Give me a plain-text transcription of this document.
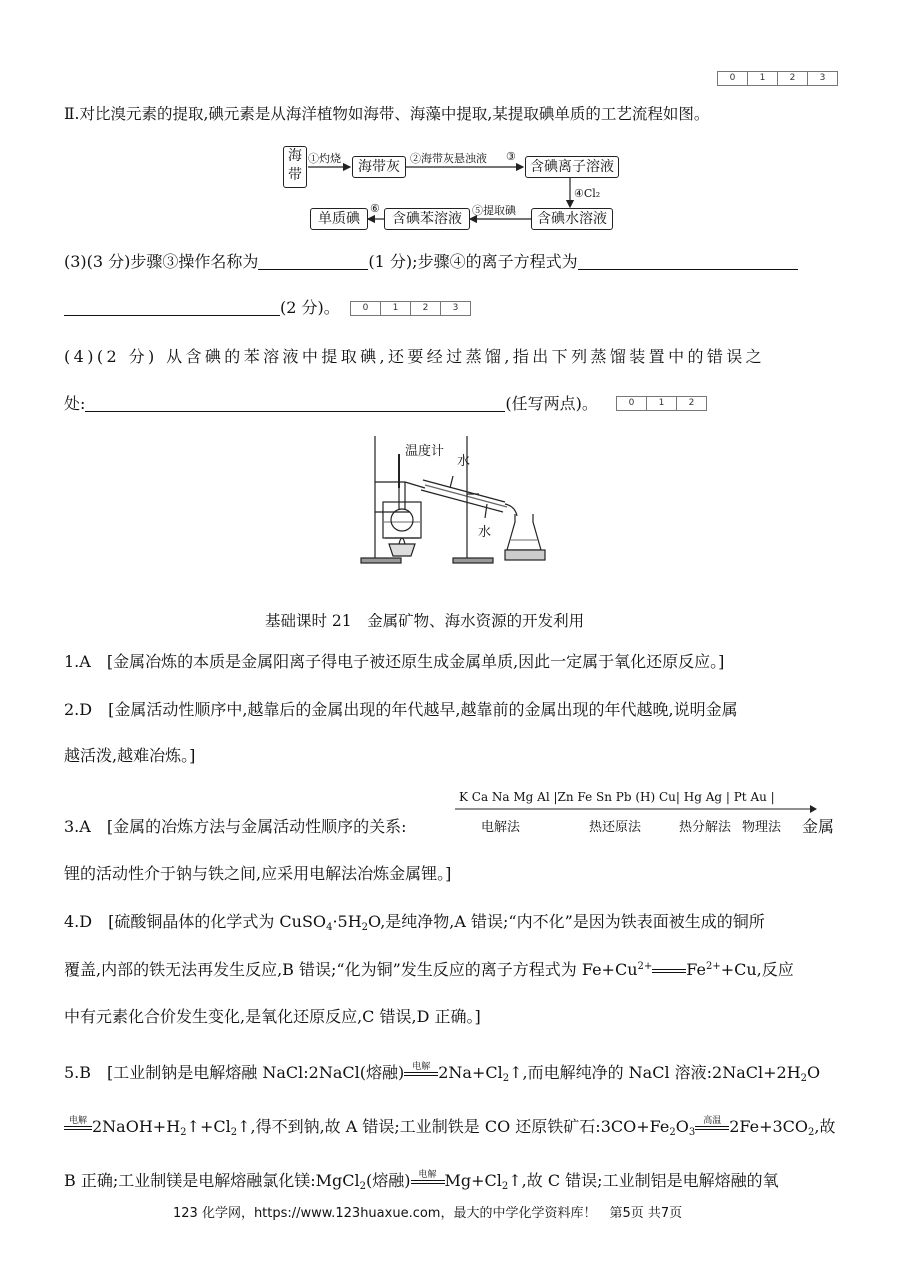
0	1	2	3
Ⅱ.对比溴元素的提取,碘元素是从海洋植物如海带、海藻中提取,某提取碘单质的工艺流程如图。
海
带
①灼烧
海带灰
②海带灰悬浊液 ③
含碘离子溶液
④Cl₂
含碘水溶液
⑤提取碘
含碘苯溶液
⑥
单质碘
(3)(3 分)步骤③操作名称为	(1 分);步骤④的离子方程式为
(2 分)。	0	1	2	3
(4)(2 分) 从含碘的苯溶液中提取碘,还要经过蒸馏,指出下列蒸馏装置中的错误之
处:	(任写两点)。	0	1	2
温度计
水
水
基础课时 21　金属矿物、海水资源的开发利用
1.A　[金属冶炼的本质是金属阳离子得电子被还原生成金属单质,因此一定属于氧化还原反应。]
2.D　[金属活动性顺序中,越靠后的金属出现的年代越早,越靠前的金属出现的年代越晚,说明金属
越活泼,越难冶炼。]
K Ca Na Mg Al |Zn Fe Sn Pb (H) Cu| Hg Ag | Pt Au |
电解法	热还原法	热分解法 物理法
3.A　[金属的冶炼方法与金属活动性顺序的关系:	金属
锂的活动性介于钠与铁之间,应采用电解法冶炼金属锂。]
4.D　[硫酸铜晶体的化学式为 $CuSO_4\cdot 5H_2O$,是纯净物,A 错误;“内不化”是因为铁表面被生成的铜所
覆盖,内部的铁无法再发生反应,B 错误;“化为铜”发生反应的离子方程式为 $Fe+Cu^{2+}$ $Fe^{2+}+Cu$,反应
中有元素化合价发生变化,是氧化还原反应,C 错误,D 正确。]
5.B　[工业制钠是电解熔融 NaCl:2NaCl(熔融) 电解 $2Na+Cl_2↑$,而电解纯净的 NaCl 溶液$:2NaCl+2H_2O$
电解 $2NaOH+H_2↑+Cl_2↑$,得不到钠,故 A 错误;工业制铁是 CO 还原铁矿石$:3CO+Fe_2O_3$
高温 $2Fe+3CO_2$,故
B 正确;工业制镁是电解熔融氯化镁:MgCl$_2$(熔融) 电解 $Mg+Cl_2↑$,故 C 错误;工业制铝是电解熔融的氧
123 化学网，https://www.123huaxue.com，最大的中学化学资料库！　第5页 共7页
